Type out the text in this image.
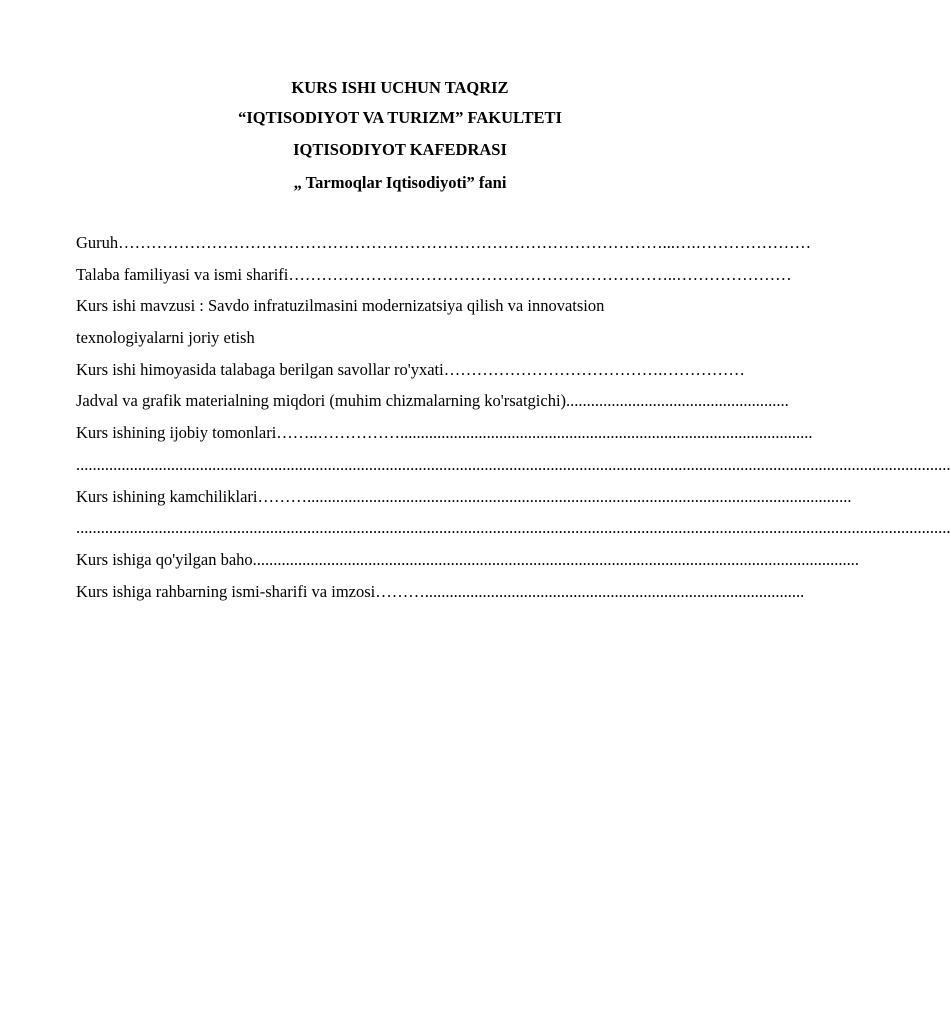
KURS ISHI UCHUN TAQRIZ
“IQTISODIYOT VA TURIZM” FAKULTETI
IQTISODIYOT KAFEDRASI
„ Tarmoqlar Iqtisodiyoti” fani
Guruh ………………………………………………………………………………………...….…………………
Talaba familiyasi va ismi sharifi ……………………………………………………………..…………………
Kurs ishi mavzusi : Savdo infratuzilmasini modernizatsiya qilish va innovatsion
texnologiyalarni joriy etish
Kurs ishi himoyasida talabaga berilgan savollar ro'yxati ………………………………….……………
Jadval va grafik materialning miqdori (muhim chizmalarning ko'rsatgichi) ......................................................
Kurs ishining ijobiy tomonlari ……..……………....................................................................................................
....................................................................................................................................................................................................................
Kurs ishining kamchiliklari ………....................................................................................................................................
....................................................................................................................................................................................................................
Kurs ishiga qo'yilgan baho ...................................................................................................................................................
Kurs ishiga rahbarning ismi-sharifi va imzosi ………............................................................................................
